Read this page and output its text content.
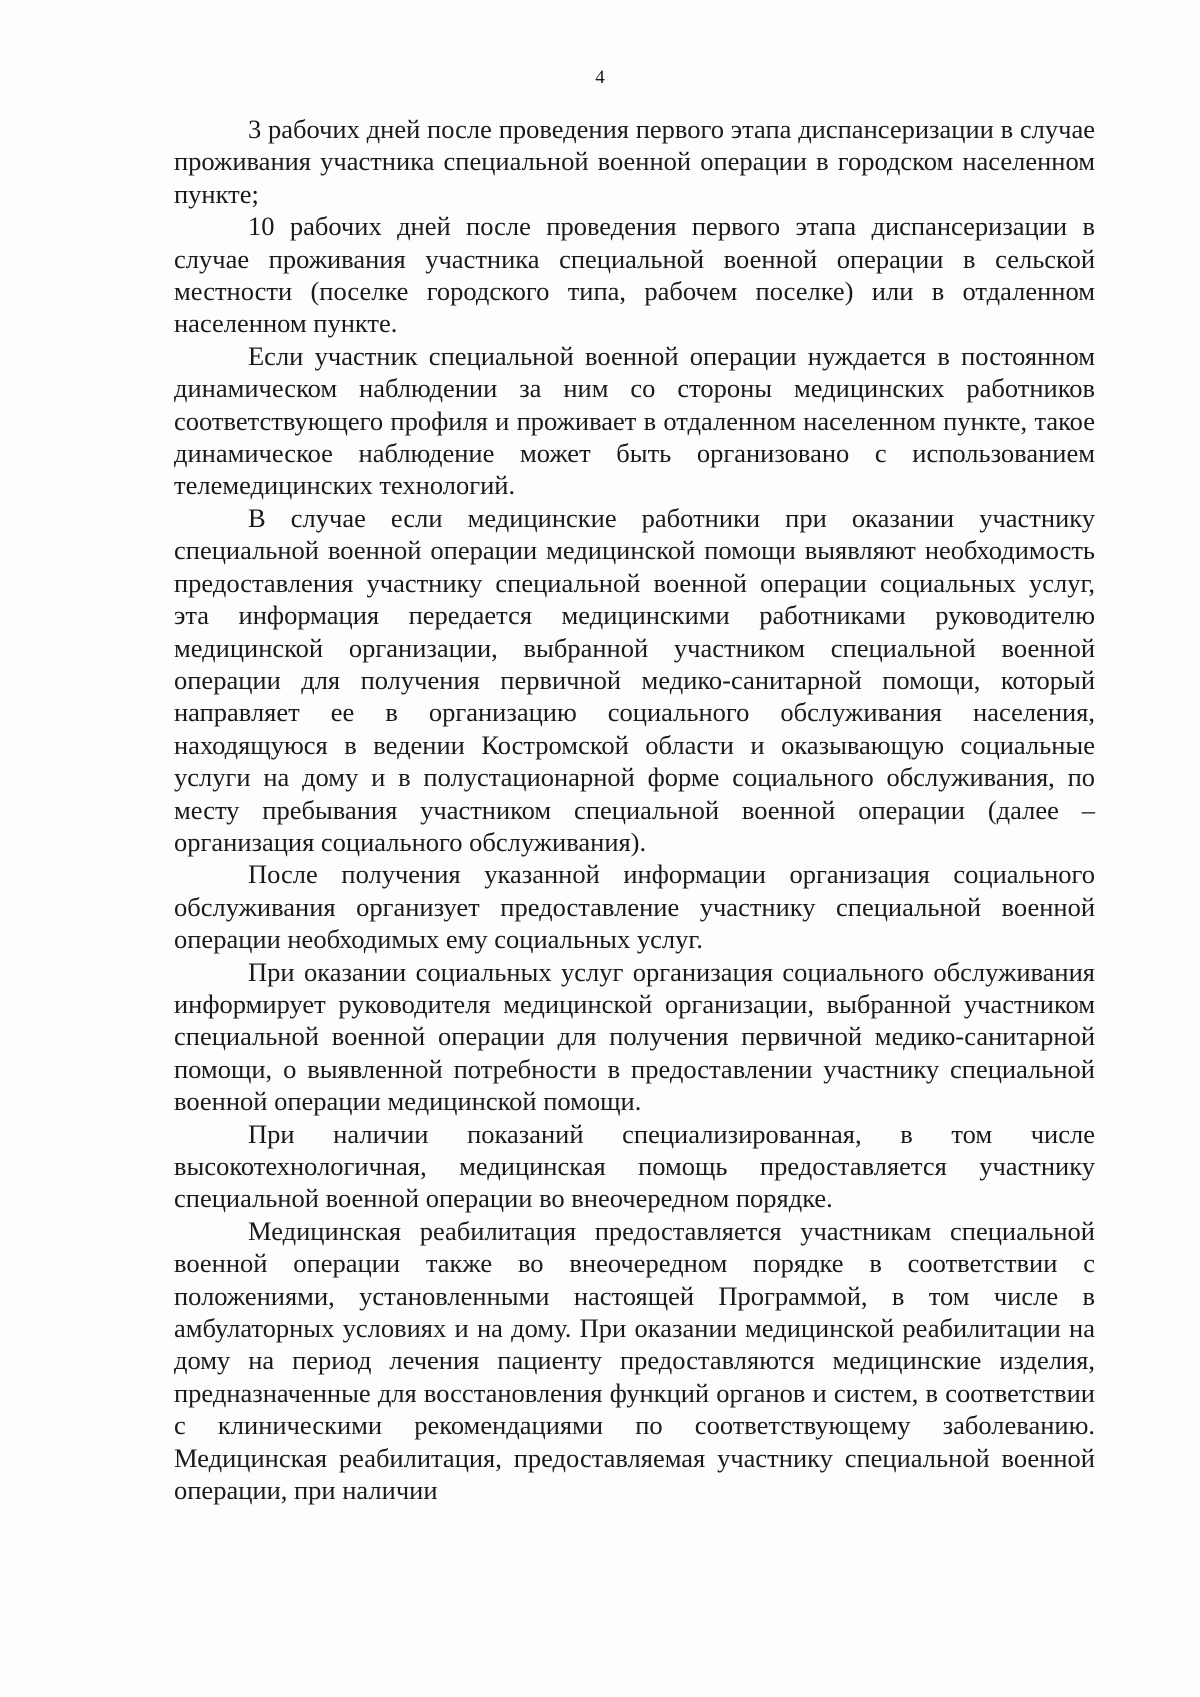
4

3 рабочих дней после проведения первого этапа диспансеризации в случае проживания участника специальной военной операции в городском населенном пункте;

10 рабочих дней после проведения первого этапа диспансеризации в случае проживания участника специальной военной операции в сельской местности (поселке городского типа, рабочем поселке) или в отдаленном населенном пункте.

Если участник специальной военной операции нуждается в постоянном динамическом наблюдении за ним со стороны медицинских работников соответствующего профиля и проживает в отдаленном населенном пункте, такое динамическое наблюдение может быть организовано с использованием телемедицинских технологий.

В случае если медицинские работники при оказании участнику специальной военной операции медицинской помощи выявляют необходимость предоставления участнику специальной военной операции социальных услуг, эта информация передается медицинскими работниками руководителю медицинской организации, выбранной участником специальной военной операции для получения первичной медико-санитарной помощи, который направляет ее в организацию социального обслуживания населения, находящуюся в ведении Костромской области и оказывающую социальные услуги на дому и в полустационарной форме социального обслуживания, по месту пребывания участником специальной военной операции (далее – организация социального обслуживания).

После получения указанной информации организация социального обслуживания организует предоставление участнику специальной военной операции необходимых ему социальных услуг.

При оказании социальных услуг организация социального обслуживания информирует руководителя медицинской организации, выбранной участником специальной военной операции для получения первичной медико-санитарной помощи, о выявленной потребности в предоставлении участнику специальной военной операции медицинской помощи.

При наличии показаний специализированная, в том числе высокотехнологичная, медицинская помощь предоставляется участнику специальной военной операции во внеочередном порядке.

Медицинская реабилитация предоставляется участникам специальной военной операции также во внеочередном порядке в соответствии с положениями, установленными настоящей Программой, в том числе в амбулаторных условиях и на дому. При оказании медицинской реабилитации на дому на период лечения пациенту предоставляются медицинские изделия, предназначенные для восстановления функций органов и систем, в соответствии с клиническими рекомендациями по соответствующему заболеванию. Медицинская реабилитация, предоставляемая участнику специальной военной операции, при наличии
